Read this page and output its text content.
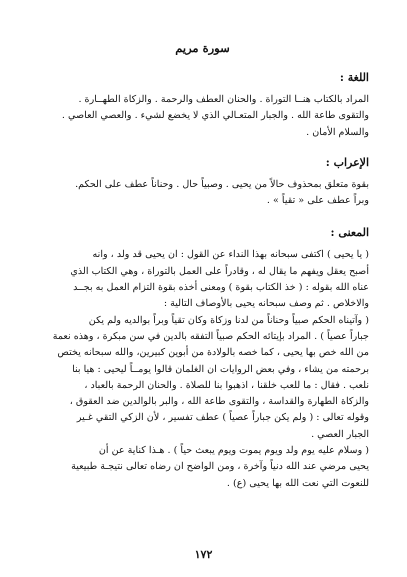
سورة مريم
اللغة :

المراد بالكتاب هنــا التوراة . والحنان العطف والرحمة . والزكاة الطهــارة .
والتقوى طاعة الله . والجبار المتعـالي الذي لا يخضع لشيء . والعصي العاصي .
والسلام الأمان .

الإعراب :

بقوة متعلق بمحذوف حالاً من يحيى . وصبياً حال . وحناناً عطف على الحكم.
وبراً عطف على « تقياً » .

المعنى :

( يا يحيى ) اكتفى سبحانه بهذا النداء عن القول : ان يحيى قد ولد ، وانه
أصبح يعقل ويفهم ما يقال له ، وقادراً على العمل بالتوراة ، وهي الكتاب الذي
عناه الله بقوله : ( خذ الكتاب بقوة ) ومعنى أخذه بقوة التزام العمل به بجــد
والاخلاص . ثم وصف سبحانه يحيى بالأوصاف التالية :
( وآتيناه الحكم صبياً وحناناً من لدنا وزكاة وكان تقياً وبراً بوالديه ولم يكن
جباراً عصياً ) . المراد بإيتائه الحكم صبياً التفقه بالدين في سن مبكرة ، وهذه نعمة
من الله خص بها يحيى ، كما خصه بالولادة من أبوين كبيرين، والله سبحانه يختص
برحمته من يشاء ، وفي بعض الروايات ان الغلمان قالوا يومــاً ليحيى : هيا بنا
نلعب . فقال : ما للعب خلقنا ، اذهبوا بنا للصلاة . والحنان الرحمة بالعباد ،
والزكاة الطهارة والقداسة ، والتقوى طاعة الله ، والبر بالوالدين ضد العقوق ،
وقوله تعالى : ( ولم يكن جباراً عصياً ) عطف تفسير ، لأن الزكي التقي غـير
الجبار العصي .
( وسلام عليه يوم ولد ويوم يموت ويوم يبعث حياً ) . هـذا كناية عن أن
يحيى مرضي عند الله دنياً وآخرة ، ومن الواضح ان رضاه تعالى نتيجـة طبيعية
للنعوت التي نعت الله بها يحيى (ع) .

١٧٢
